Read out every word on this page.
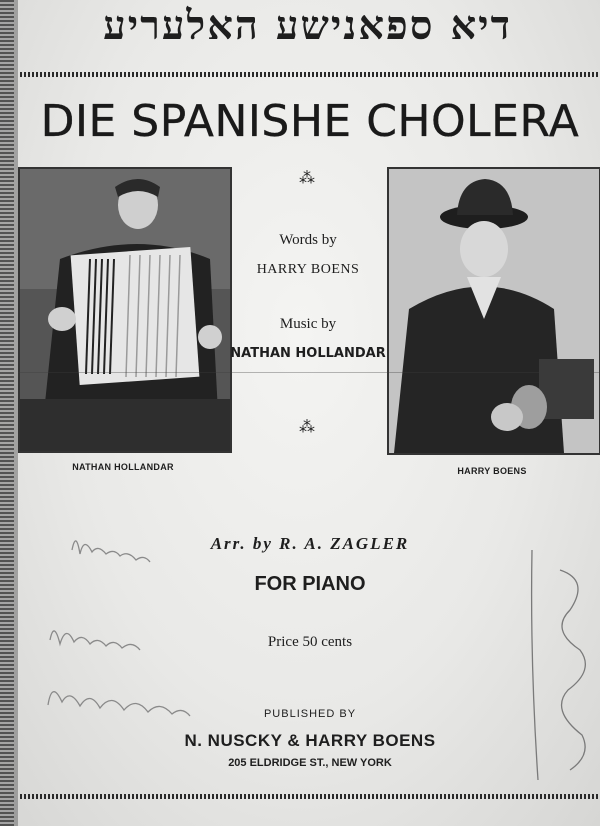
דיא ספאנישע האלעריע
DIE SPANISHE CHOLERA
NATHAN HOLLANDAR	HARRY BOENS
⁂
⁂
Words by
HARRY BOENS
Music by
NATHAN HOLLANDAR
Arr. by R. A. ZAGLER
FOR PIANO
Price 50 cents
PUBLISHED BY
N. NUSCKY & HARRY BOENS
205 ELDRIDGE ST., NEW YORK
